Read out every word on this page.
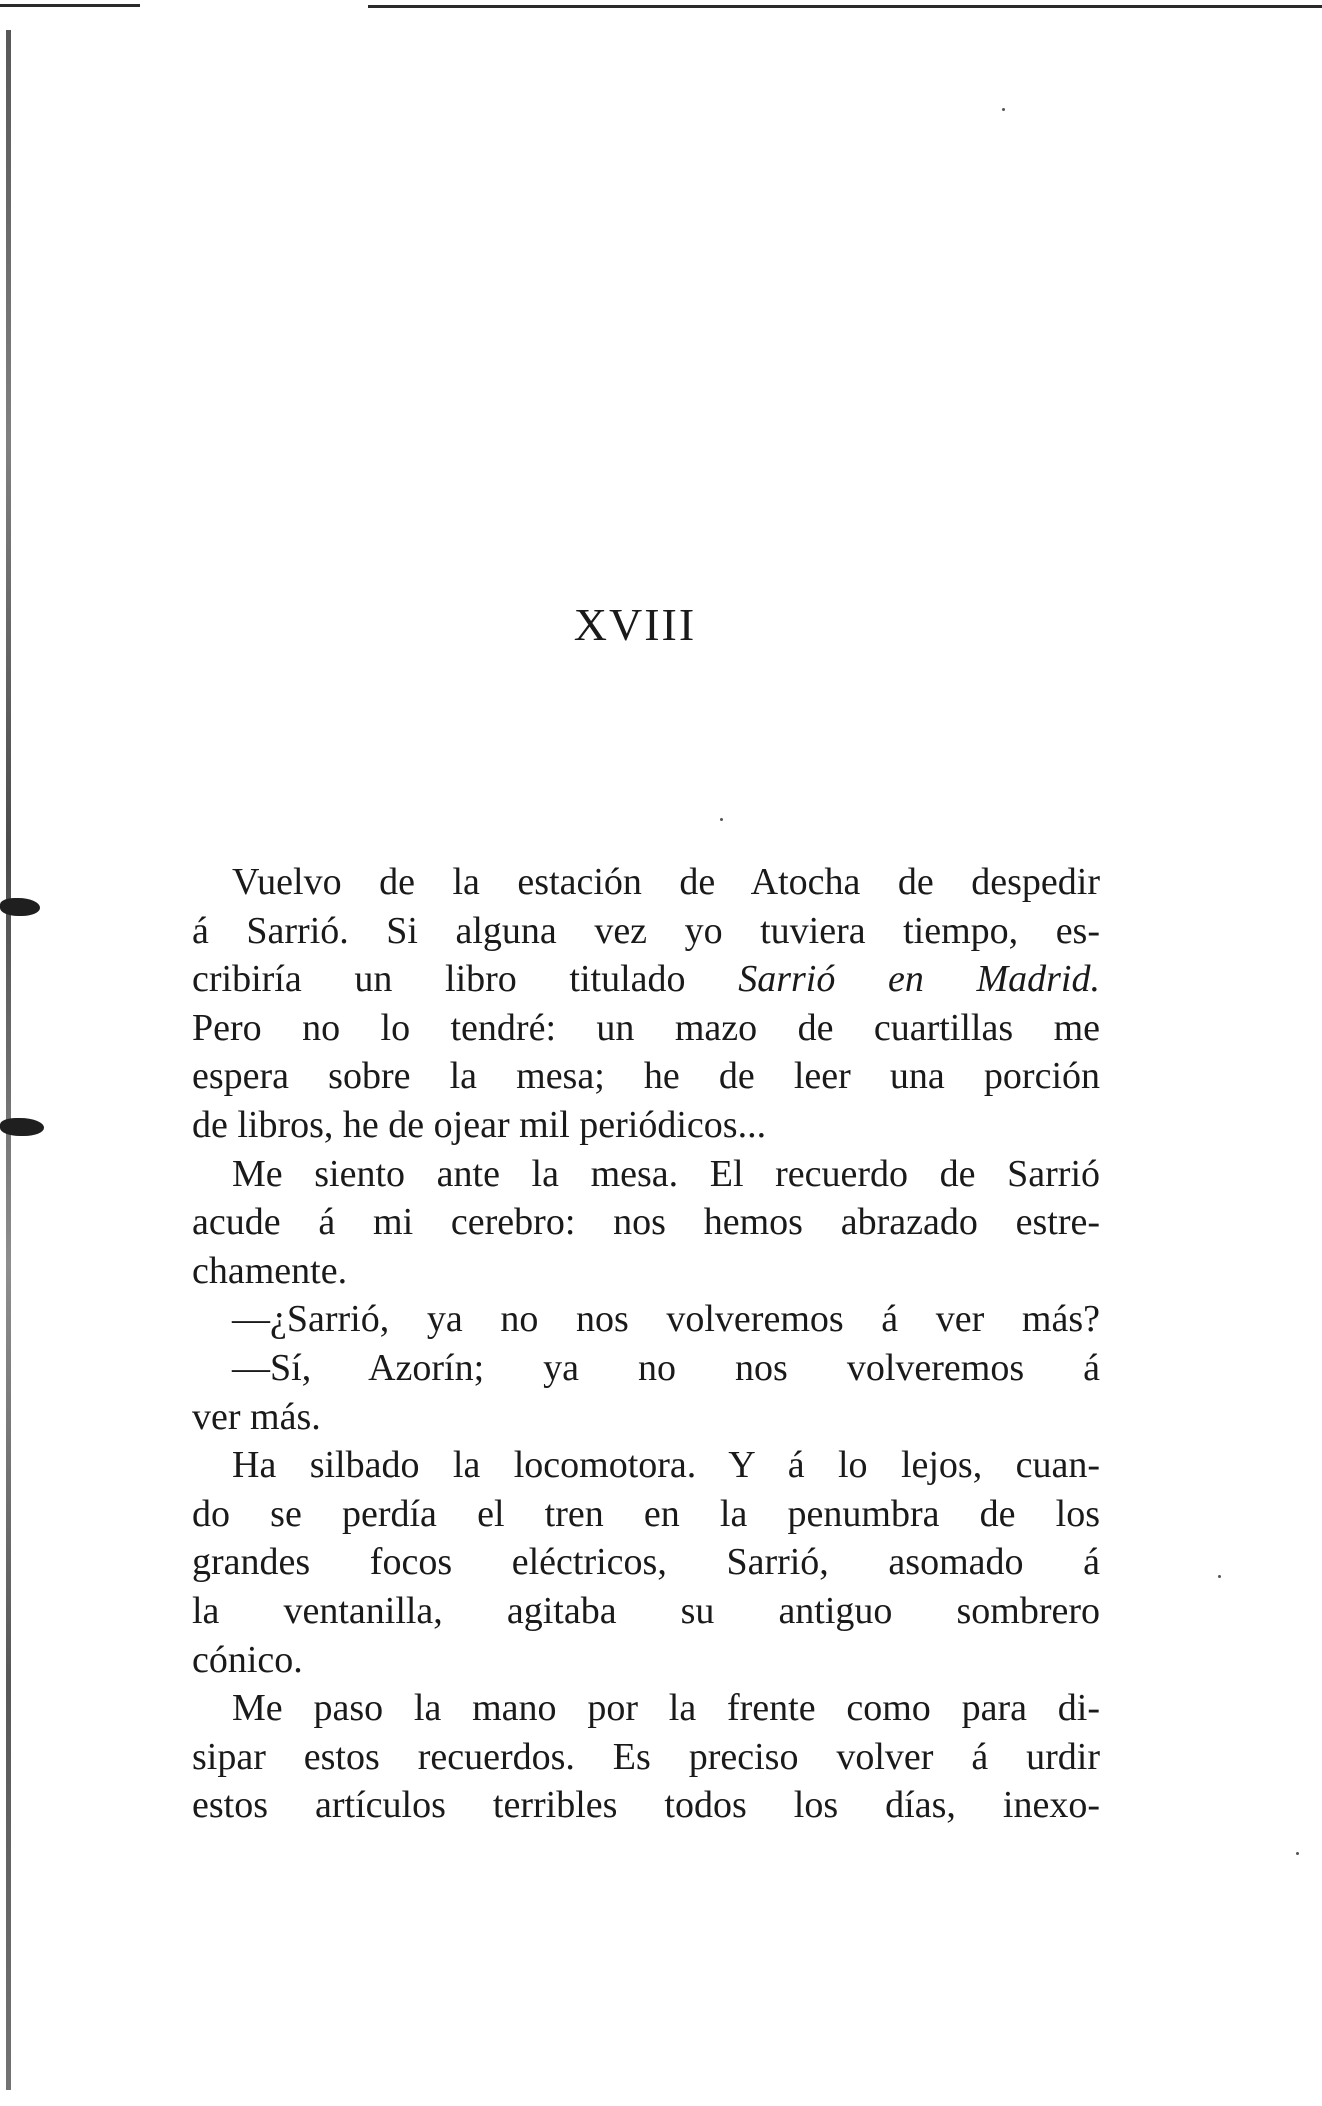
XVIII
Vuelvo de la estación de Atocha de despedir
á Sarrió. Si alguna vez yo tuviera tiempo, es-
cribiría un libro titulado Sarrió en Madrid.
Pero no lo tendré: un mazo de cuartillas me
espera sobre la mesa; he de leer una porción
de libros, he de ojear mil periódicos...
Me siento ante la mesa. El recuerdo de Sarrió
acude á mi cerebro: nos hemos abrazado estre-
chamente.
—¿Sarrió, ya no nos volveremos á ver más?
—Sí, Azorín; ya no nos volveremos á
ver más.
Ha silbado la locomotora. Y á lo lejos, cuan-
do se perdía el tren en la penumbra de los
grandes focos eléctricos, Sarrió, asomado á
la ventanilla, agitaba su antiguo sombrero
cónico.
Me paso la mano por la frente como para di-
sipar estos recuerdos. Es preciso volver á urdir
estos artículos terribles todos los días, inexo-
